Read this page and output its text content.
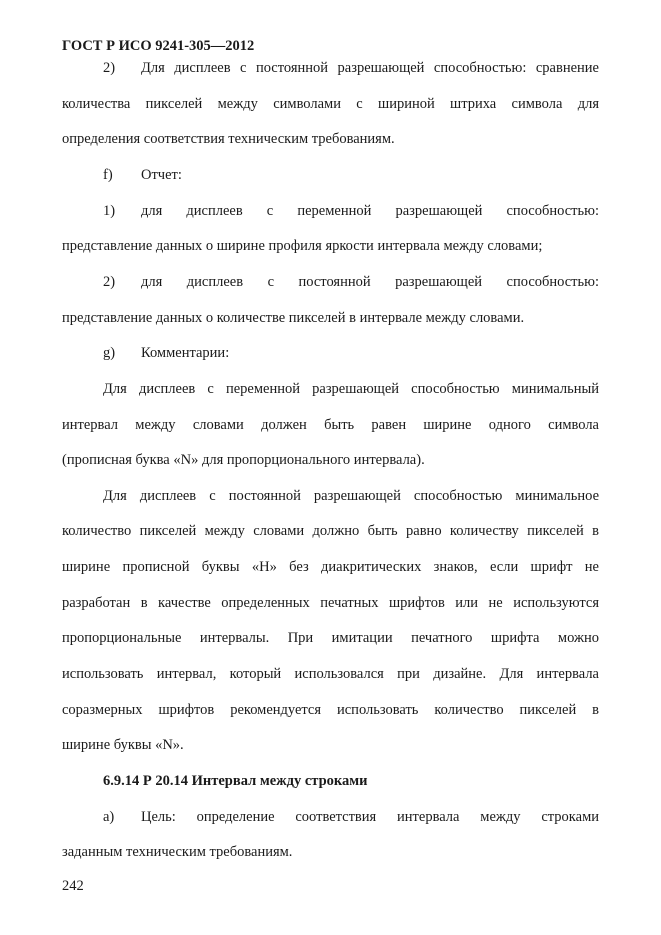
ГОСТ Р ИСО 9241-305—2012
2) Для дисплеев с постоянной разрешающей способностью: сравнение
количества пикселей между символами с шириной штриха символа для
определения соответствия техническим требованиям.
f) Отчет:
1) для дисплеев с переменной разрешающей способностью:
представление данных о ширине профиля яркости интервала между словами;
2) для дисплеев с постоянной разрешающей способностью:
представление данных о количестве пикселей в интервале между словами.
g) Комментарии:
Для дисплеев с переменной разрешающей способностью минимальный
интервал между словами должен быть равен ширине одного символа
(прописная буква «N» для пропорционального интервала).
Для дисплеев с постоянной разрешающей способностью минимальное
количество пикселей между словами должно быть равно количеству пикселей в
ширине прописной буквы «H» без диакритических знаков, если шрифт не
разработан в качестве определенных печатных шрифтов или не используются
пропорциональные интервалы. При имитации печатного шрифта можно
использовать интервал, который использовался при дизайне. Для интервала
соразмерных шрифтов рекомендуется использовать количество пикселей в
ширине буквы «N».
6.9.14 Р 20.14 Интервал между строками
a) Цель: определение соответствия интервала между строками
заданным техническим требованиям.
242
